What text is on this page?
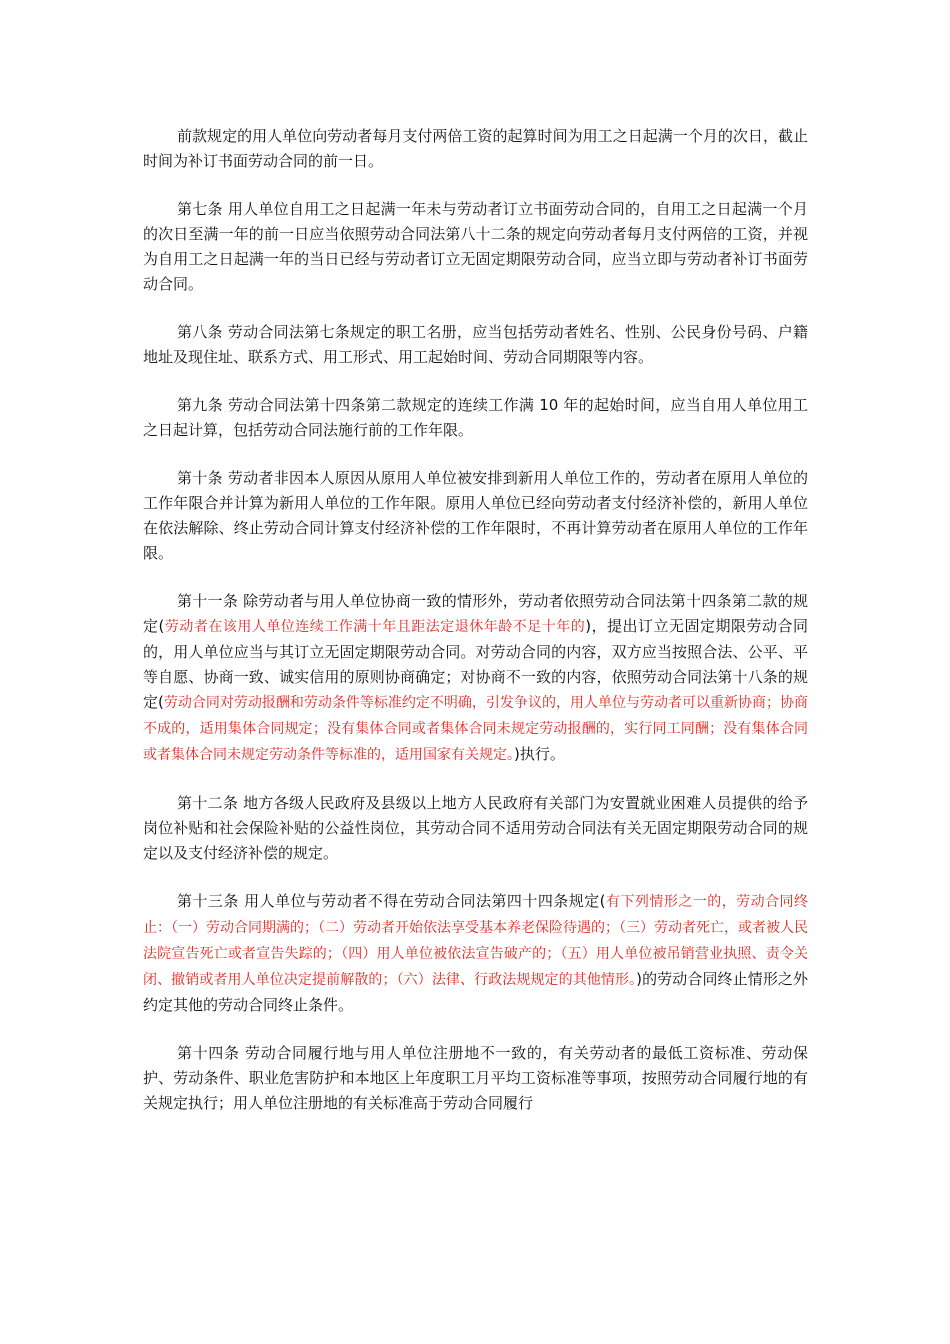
前款规定的用人单位向劳动者每月支付两倍工资的起算时间为用工之日起满一个月的次日，截止时间为补订书面劳动合同的前一日。

第七条 用人单位自用工之日起满一年未与劳动者订立书面劳动合同的，自用工之日起满一个月的次日至满一年的前一日应当依照劳动合同法第八十二条的规定向劳动者每月支付两倍的工资，并视为自用工之日起满一年的当日已经与劳动者订立无固定期限劳动合同，应当立即与劳动者补订书面劳动合同。

第八条 劳动合同法第七条规定的职工名册，应当包括劳动者姓名、性别、公民身份号码、户籍地址及现住址、联系方式、用工形式、用工起始时间、劳动合同期限等内容。

第九条 劳动合同法第十四条第二款规定的连续工作满 10 年的起始时间，应当自用人单位用工之日起计算，包括劳动合同法施行前的工作年限。

第十条 劳动者非因本人原因从原用人单位被安排到新用人单位工作的，劳动者在原用人单位的工作年限合并计算为新用人单位的工作年限。原用人单位已经向劳动者支付经济补偿的，新用人单位在依法解除、终止劳动合同计算支付经济补偿的工作年限时，不再计算劳动者在原用人单位的工作年限。

第十一条 除劳动者与用人单位协商一致的情形外，劳动者依照劳动合同法第十四条第二款的规定(劳动者在该用人单位连续工作满十年且距法定退休年龄不足十年的)，提出订立无固定期限劳动合同的，用人单位应当与其订立无固定期限劳动合同。对劳动合同的内容，双方应当按照合法、公平、平等自愿、协商一致、诚实信用的原则协商确定；对协商不一致的内容，依照劳动合同法第十八条的规定(劳动合同对劳动报酬和劳动条件等标准约定不明确，引发争议的，用人单位与劳动者可以重新协商；协商不成的，适用集体合同规定；没有集体合同或者集体合同未规定劳动报酬的，实行同工同酬；没有集体合同或者集体合同未规定劳动条件等标准的，适用国家有关规定。)执行。

第十二条 地方各级人民政府及县级以上地方人民政府有关部门为安置就业困难人员提供的给予岗位补贴和社会保险补贴的公益性岗位，其劳动合同不适用劳动合同法有关无固定期限劳动合同的规定以及支付经济补偿的规定。

第十三条 用人单位与劳动者不得在劳动合同法第四十四条规定(有下列情形之一的，劳动合同终止：（一）劳动合同期满的；（二）劳动者开始依法享受基本养老保险待遇的；（三）劳动者死亡，或者被人民法院宣告死亡或者宣告失踪的；（四）用人单位被依法宣告破产的；（五）用人单位被吊销营业执照、责令关闭、撤销或者用人单位决定提前解散的；（六）法律、行政法规规定的其他情形。)的劳动合同终止情形之外约定其他的劳动合同终止条件。

第十四条 劳动合同履行地与用人单位注册地不一致的，有关劳动者的最低工资标准、劳动保护、劳动条件、职业危害防护和本地区上年度职工月平均工资标准等事项，按照劳动合同履行地的有关规定执行；用人单位注册地的有关标准高于劳动合同履行
